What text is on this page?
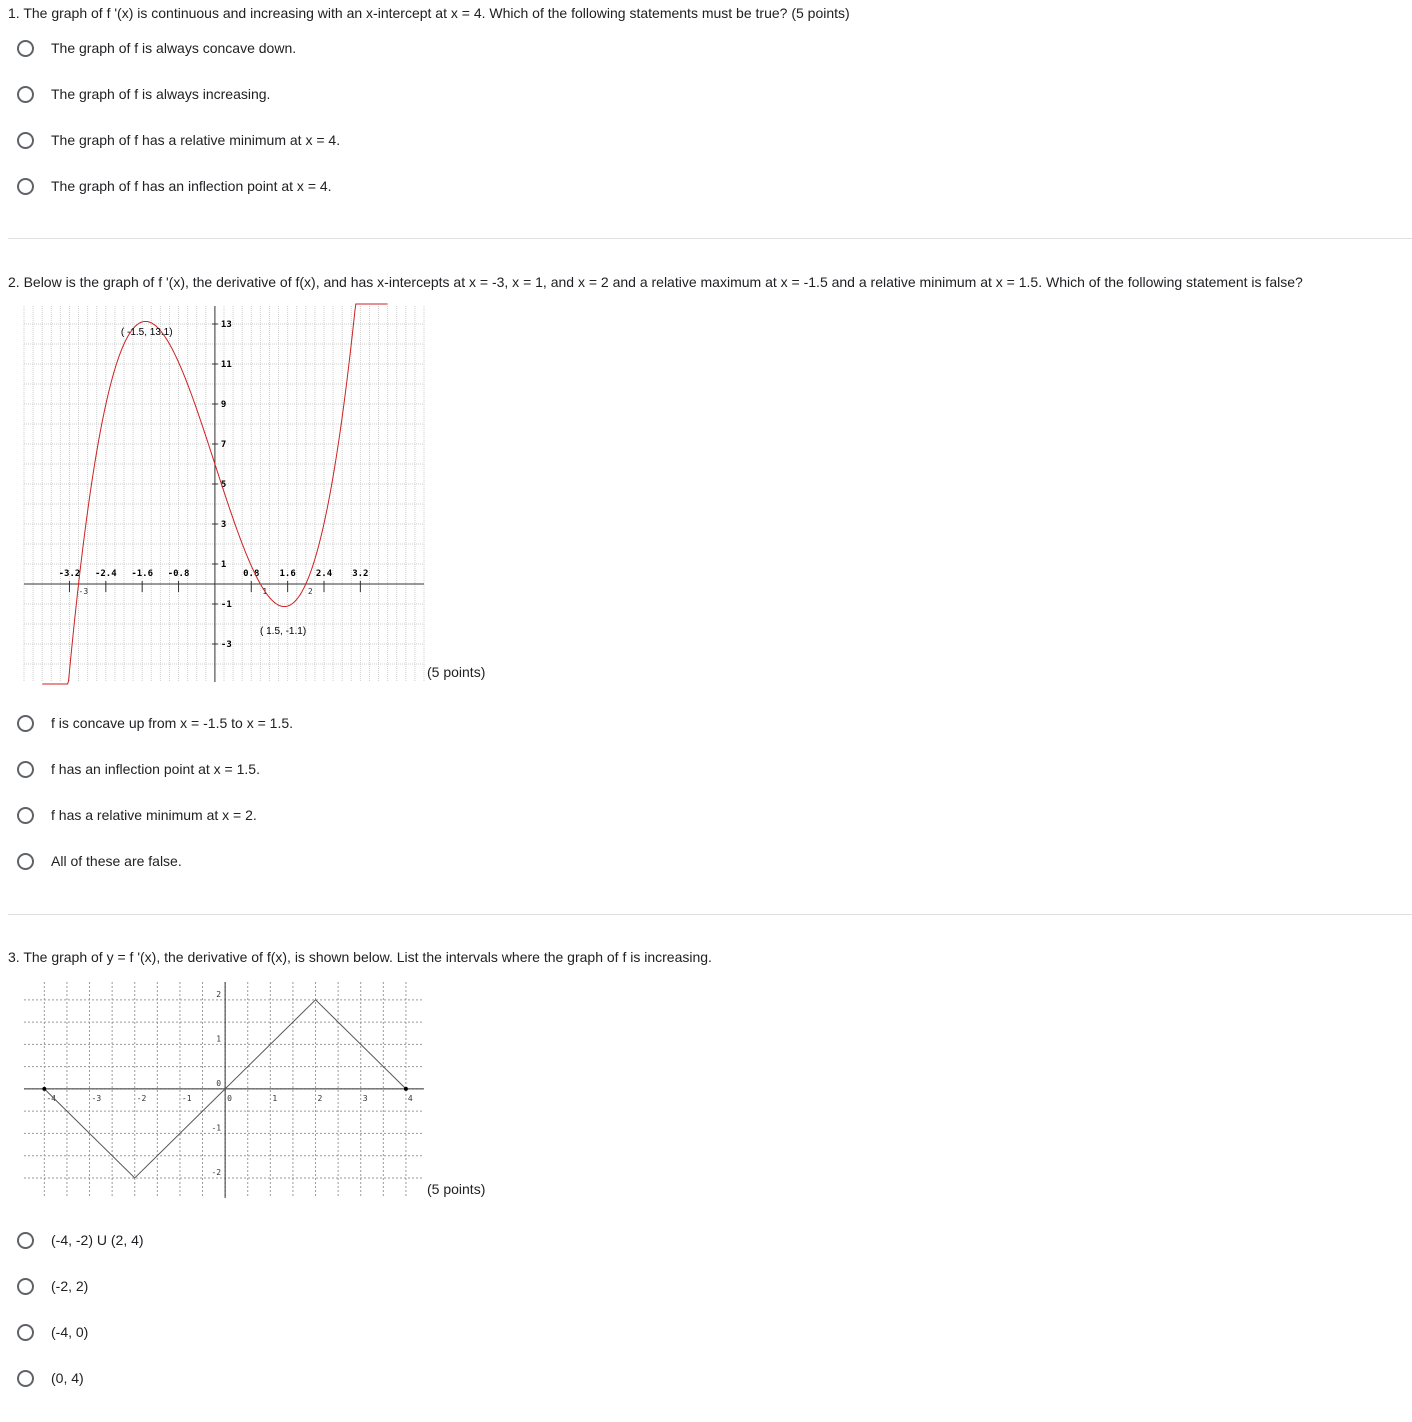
1. The graph of f '(x) is continuous and increasing with an x-intercept at x = 4. Which of the following statements must be true? (5 points)
The graph of f is always concave down.
The graph of f is always increasing.
The graph of f has a relative minimum at x = 4.
The graph of f has an inflection point at x = 4.
2. Below is the graph of f '(x), the derivative of f(x), and has x-intercepts at x = -3, x = 1, and x = 2 and a relative maximum at x = -1.5 and a relative minimum at x = 1.5. Which of the following statement is false?
-3.2 -2.4 -1.6 -0.8	0.8 1.6 2.4 3.2
-3	1	2
13
11
9
7
5
3
1
-1
-3
( -1.5, 13.1)
( 1.5, -1.1)
(5 points)
f is concave up from x = -1.5 to x = 1.5.
f has an inflection point at x = 1.5.
f has a relative minimum at x = 2.
All of these are false.
3. The graph of y = f '(x), the derivative of f(x), is shown below. List the intervals where the graph of f is increasing.
-4	-3	-2	-1	0	1	2	3	4
2
1
0
-1
-2
(5 points)
(-4, -2) U (2, 4)
(-2, 2)
(-4, 0)
(0, 4)
